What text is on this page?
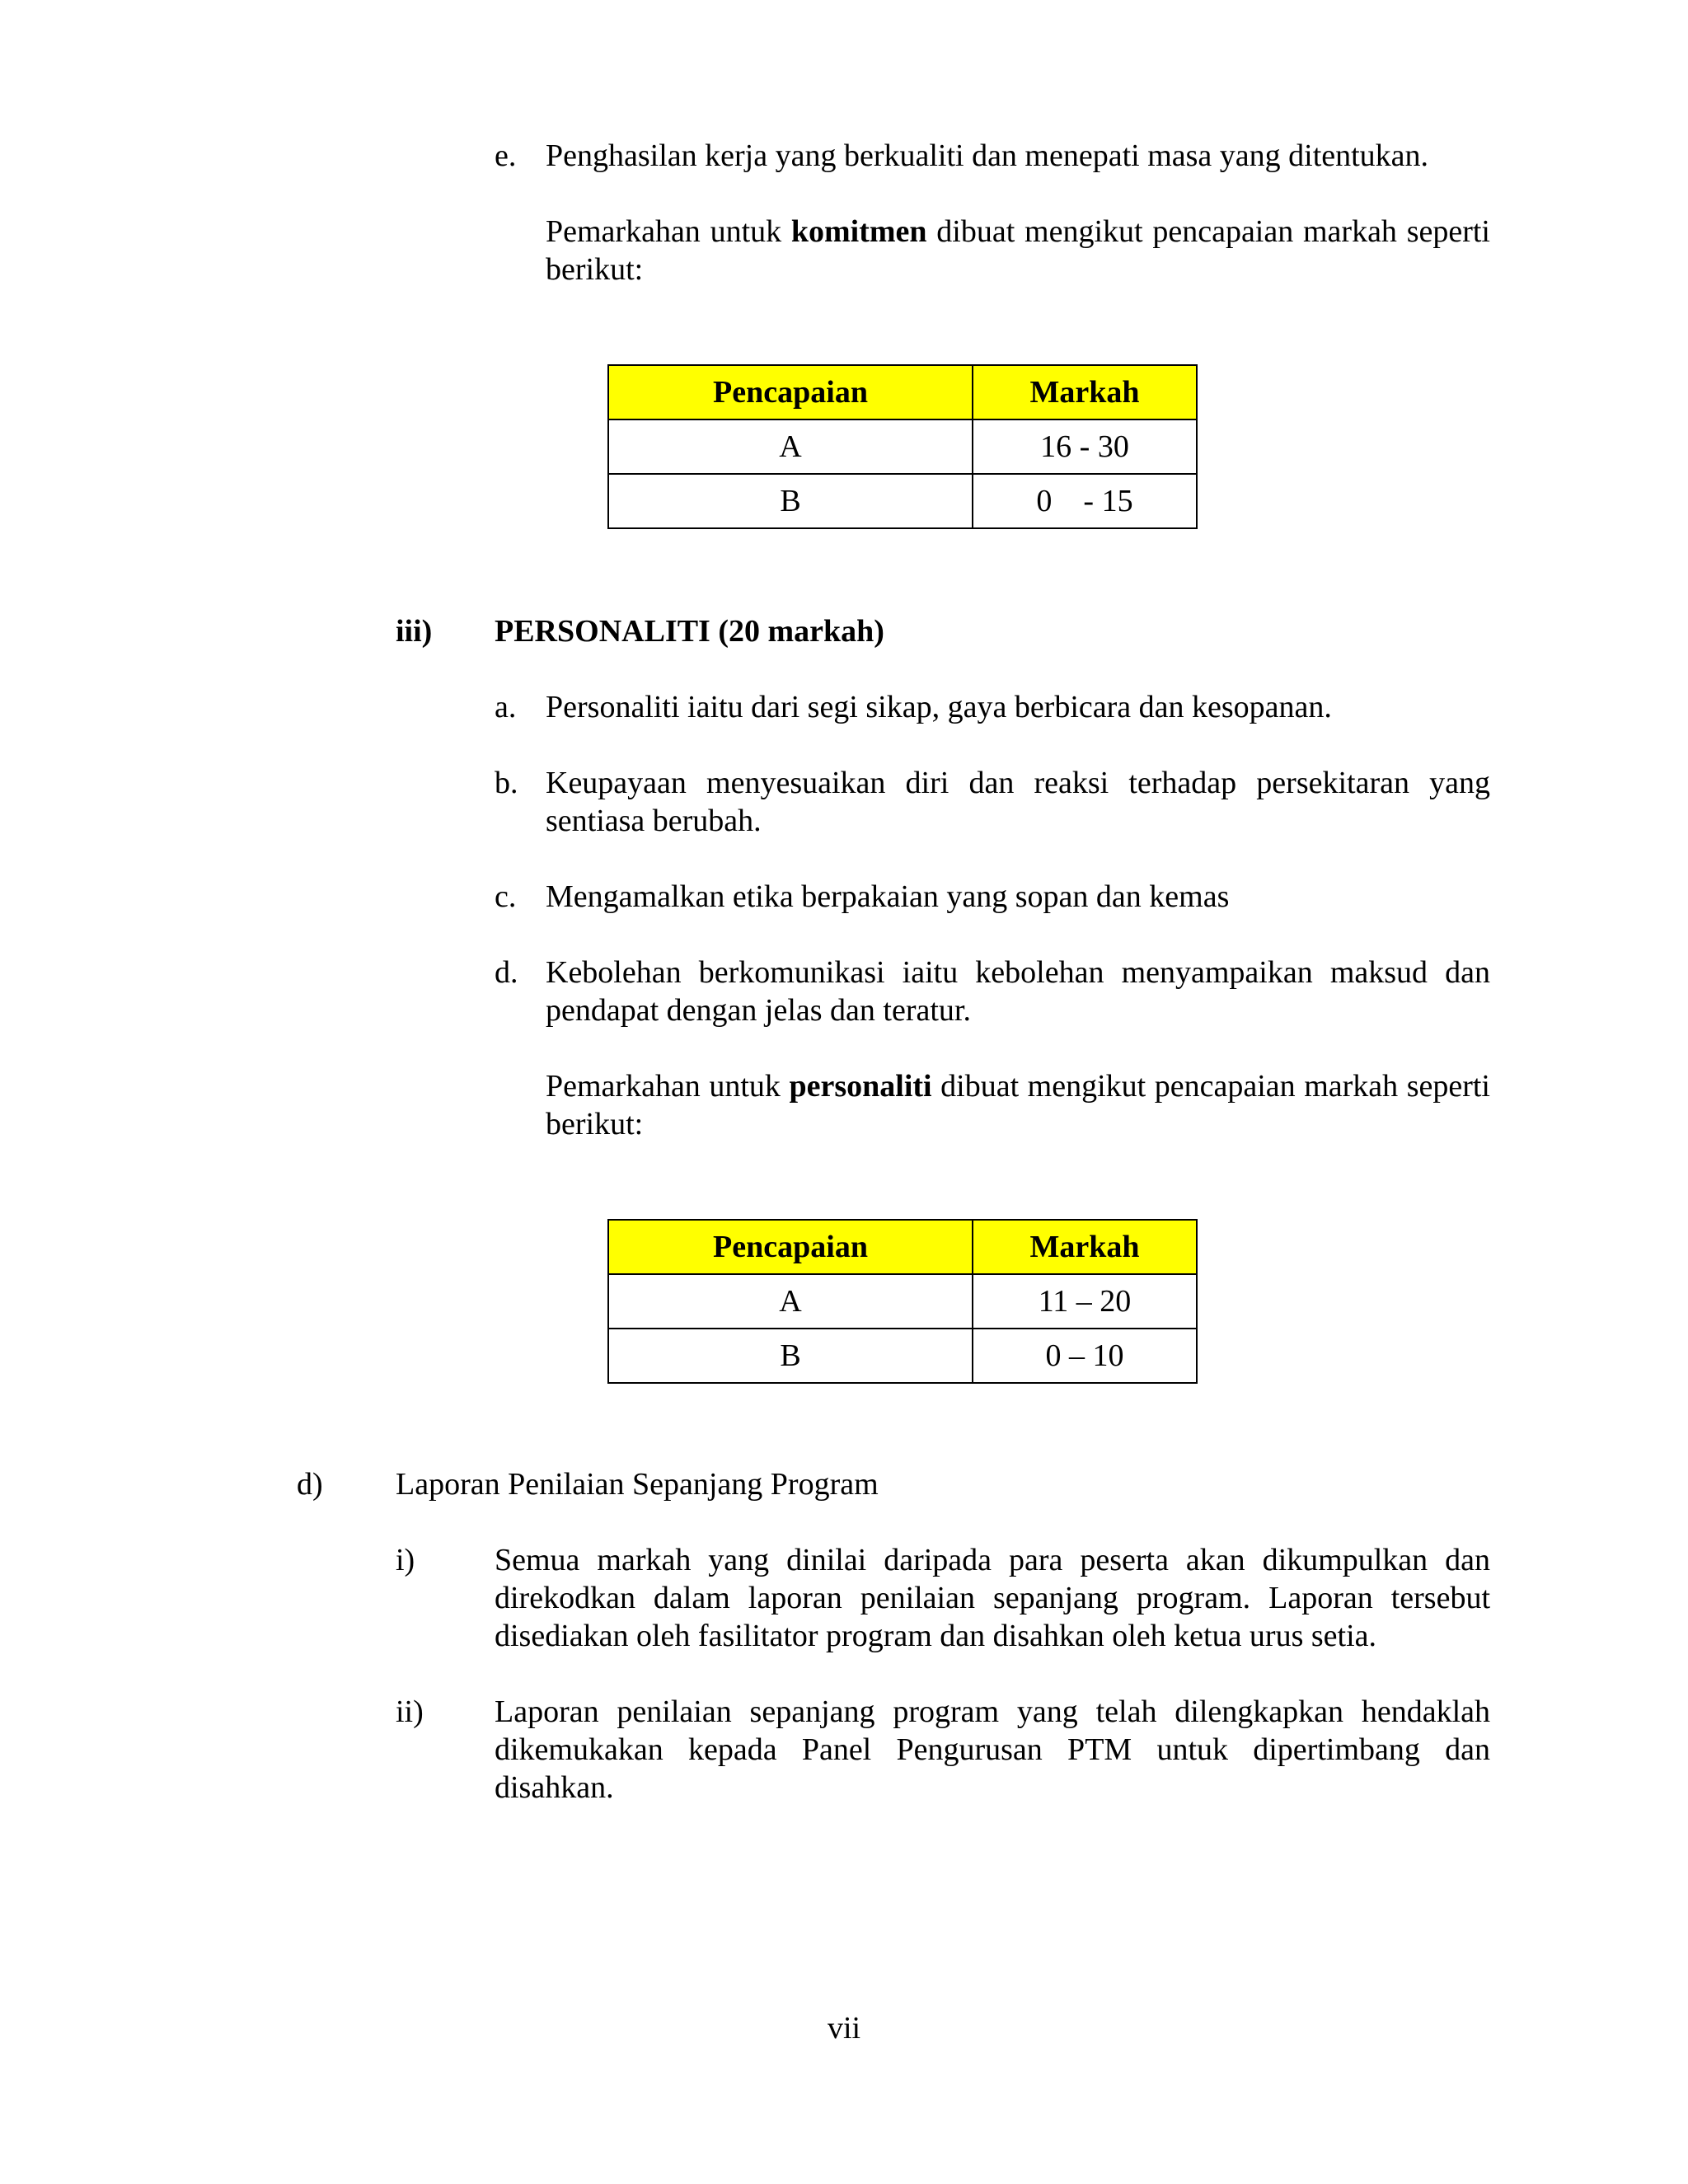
e. Penghasilan kerja yang berkualiti dan menepati masa yang ditentukan.
Pemarkahan untuk komitmen dibuat mengikut pencapaian markah seperti berikut:
Pencapaian	Markah
A	16 - 30
B	0    - 15
iii) PERSONALITI (20 markah)
a. Personaliti iaitu dari segi sikap, gaya berbicara dan kesopanan.
b. Keupayaan menyesuaikan diri dan reaksi terhadap persekitaran yang sentiasa berubah.
c. Mengamalkan etika berpakaian yang sopan dan kemas
d. Kebolehan berkomunikasi iaitu kebolehan menyampaikan maksud dan pendapat dengan jelas dan teratur.
Pemarkahan untuk personaliti dibuat mengikut pencapaian markah seperti berikut:
Pencapaian	Markah
A	11 – 20
B	0 – 10
d) Laporan Penilaian Sepanjang Program
i)	Semua markah yang dinilai daripada para peserta akan dikumpulkan dan direkodkan dalam laporan penilaian sepanjang program. Laporan tersebut disediakan oleh fasilitator program dan disahkan oleh ketua urus setia.
ii) Laporan penilaian sepanjang program yang telah dilengkapkan hendaklah dikemukakan kepada Panel Pengurusan PTM untuk dipertimbang dan disahkan.
vii
